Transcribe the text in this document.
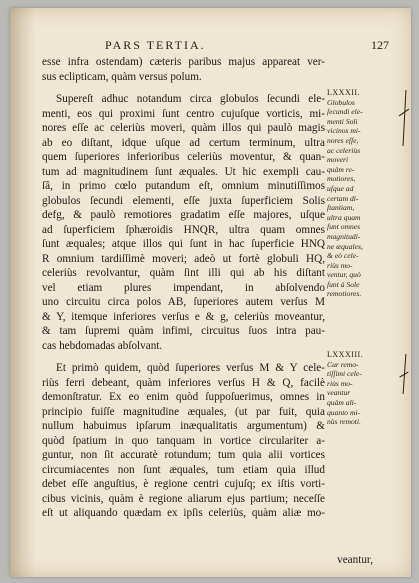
PARS TERTIA.	127
esse infra ostendam) cæteris paribus majus appareat ver-
sus eclipticam, quàm versus polum.
Supereſt adhuc notandum circa globulos ſecundi ele-
menti, eos qui proximi ſunt centro cujuſque vorticis, mi-
nores eſſe ac celeriùs moveri, quàm illos qui paulò magis
ab eo diſtant, idque uſque ad certum terminum, ultra
quem ſuperiores inferioribus celeriùs moventur, & quan-
tum ad magnitudinem ſunt æquales. Ut hic exempli cau-
ſâ, in primo cœlo putandum eſt, omnium minutiſſimos
globulos ſecundi elementi, eſſe juxta ſuperficiem Solis
defg, & paulò remotiores gradatim eſſe majores, uſque
ad ſuperficiem ſphæroidis HNQR, ultra quam omnes
ſunt æquales; atque illos qui ſunt in hac ſuperficie HNQ
R omnium tardiſſimè moveri; adeò ut fortè globuli HQ,
celeriùs revolvantur, quàm ſint illi qui ab his diſtant
vel etiam plures impendant, in abſolvendo
uno circuitu circa polos AB, ſuperiores autem verſus M
& Y, itemque inferiores verſus e & g, celeriùs moveantur,
& tam ſupremi quàm infimi, circuitus ſuos intra pau-
cas hebdomadas abſolvant.
Et primò quidem, quòd ſuperiores verſus M & Y cele-
riùs ferri debeant, quàm inferiores verſus H & Q, facilè
demonſtratur. Ex eo enim quòd ſuppoſuerimus, omnes in
principio fuiſſe magnitudine æquales, (ut par fuit, quia
nullum habuimus ipſarum inæqualitatis argumentum) &
quòd ſpatium in quo tanquam in vortice circulariter a-
guntur, non ſit accuratè rotundum; tum quia alii vortices
circumiacentes non ſunt æquales, tum etiam quia illud
debet eſſe anguſtius, è regione centri cujuſq; ex iſtis vorti-
cibus vicinis, quàm è regione aliarum ejus partium; neceſſe
eſt ut aliquando quædam ex ipſis celeriùs, quàm aliæ mo-
veantur,
LXXXII.
Globulos
ſecundi ele-
menti Soli
vicinos mi-
nores eſſe,
ac celeriùs
moveri
quàm re-
motiores,
uſque ad
certam di-
ſtantiam,
ultra quam
ſunt omnes
magnitudi-
ne æquales,
& eò cele-
riùs mo-
ventur, quò
ſunt à Sole
remotiores.
LXXXIII.
Cur remo-
tiſſimi cele-
riùs mo-
veantur
quàm ali-
quanto mi-
nùs remoti.
